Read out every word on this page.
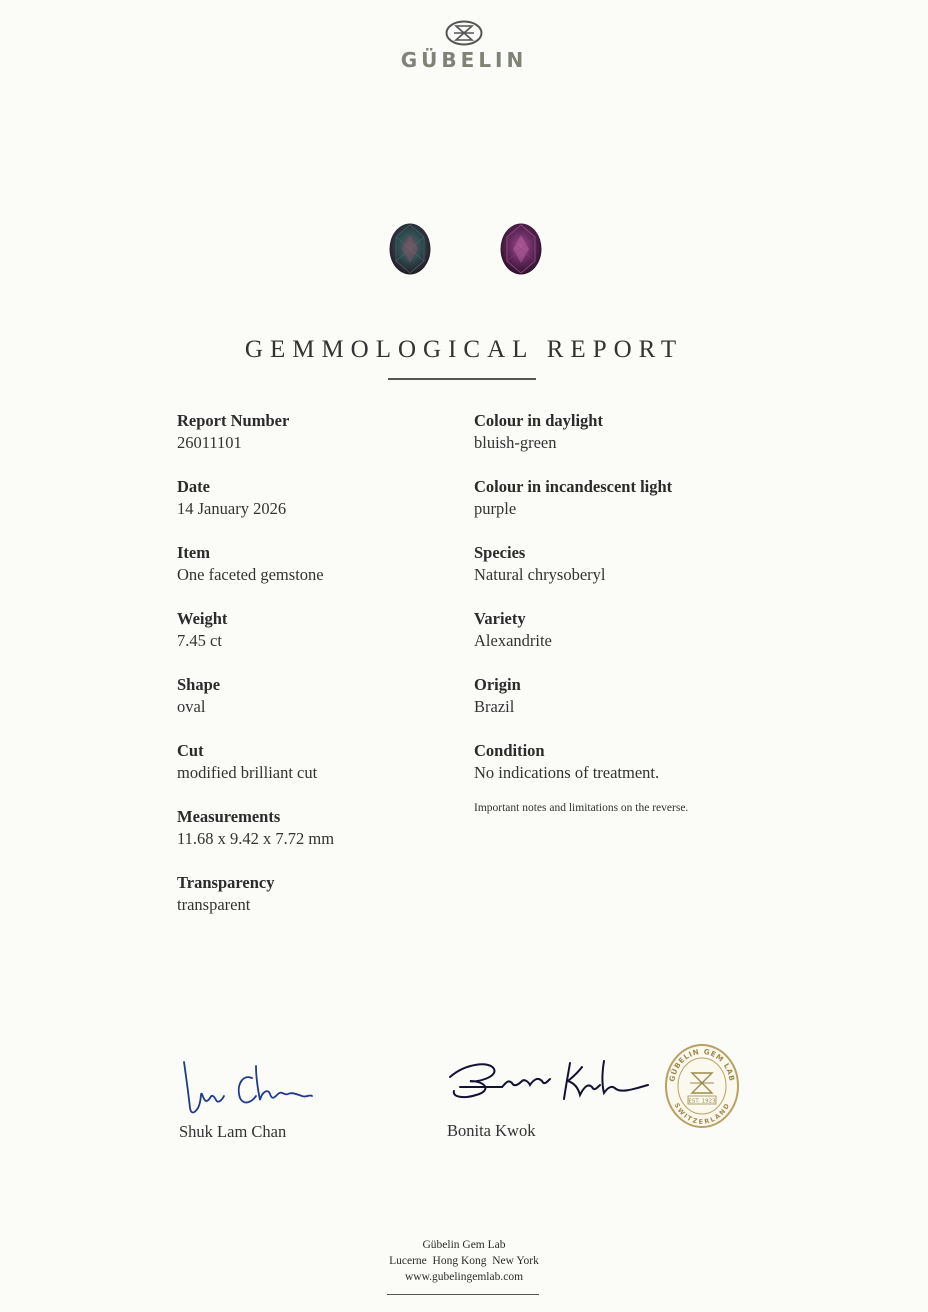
GÜBELIN
GEMMOLOGICAL REPORT
Report Number
26011101
Date
14 January 2026
Item
One faceted gemstone
Weight
7.45 ct
Shape
oval
Cut
modified brilliant cut
Measurements
11.68 x 9.42 x 7.72 mm
Transparency
transparent
Colour in daylight
bluish-green
Colour in incandescent light
purple
Species
Natural chrysoberyl
Variety
Alexandrite
Origin
Brazil
Condition
No indications of treatment.
Important notes and limitations on the reverse.
Shuk Lam Chan	Bonita Kwok
GÜBELIN GEM LAB
SWITZERLAND
EST. 1923
Gübelin Gem Lab
Lucerne  Hong Kong  New York
www.gubelingemlab.com
